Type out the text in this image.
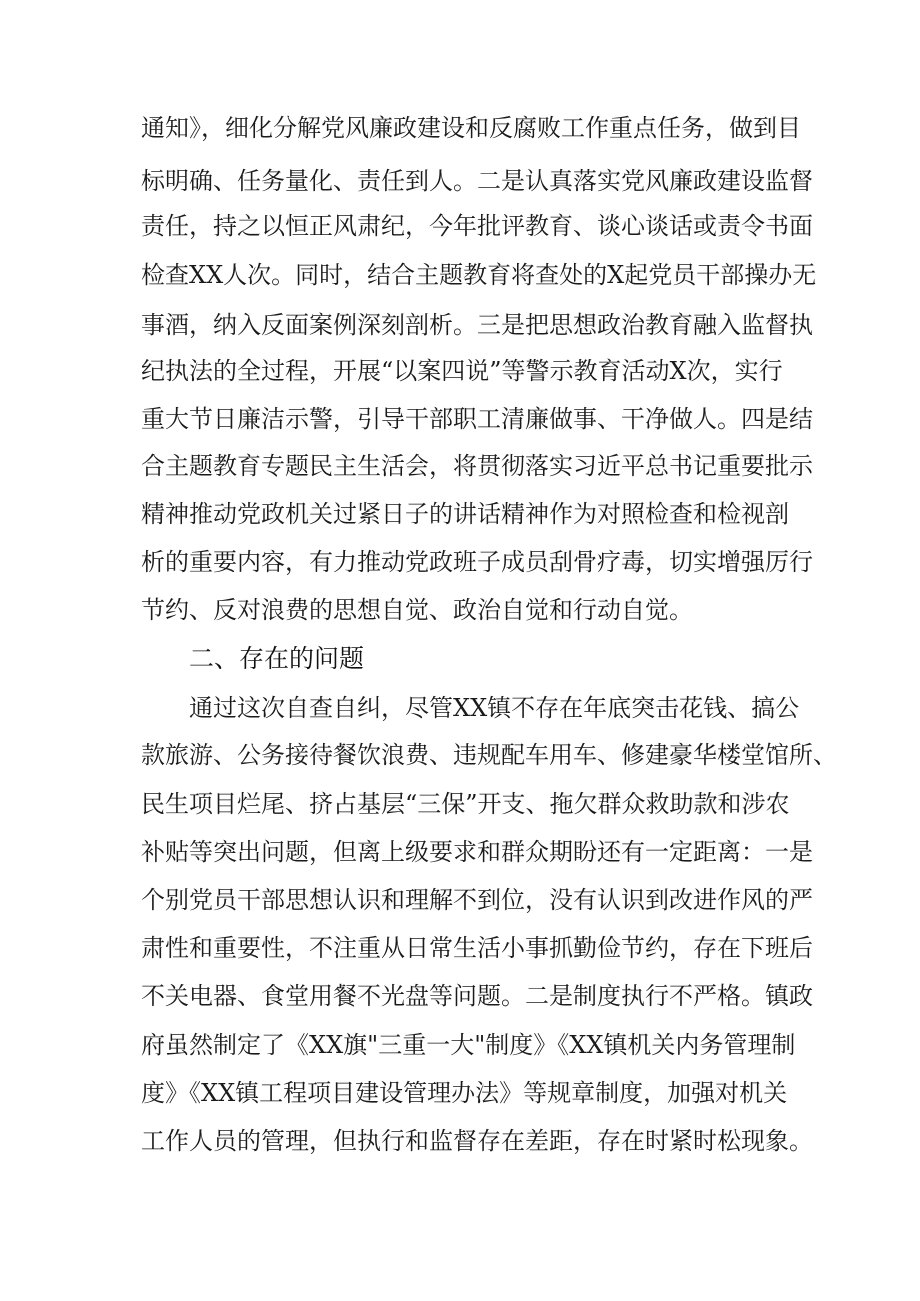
通知》，细化分解党风廉政建设和反腐败工作重点任务，做到目
标明确、任务量化、责任到人。二是认真落实党风廉政建设监督
责任，持之以恒正风肃纪，今年批评教育、谈心谈话或责令书面
检查XX人次。同时，结合主题教育将查处的X起党员干部操办无
事酒，纳入反面案例深刻剖析。三是把思想政治教育融入监督执
纪执法的全过程，开展“以案四说”等警示教育活动X次，实行
重大节日廉洁示警，引导干部职工清廉做事、干净做人。四是结
合主题教育专题民主生活会，将贯彻落实习近平总书记重要批示
精神推动党政机关过紧日子的讲话精神作为对照检查和检视剖
析的重要内容，有力推动党政班子成员刮骨疗毒，切实增强厉行
节约、反对浪费的思想自觉、政治自觉和行动自觉。
二、存在的问题
通过这次自查自纠，尽管XX镇不存在年底突击花钱、搞公
款旅游、公务接待餐饮浪费、违规配车用车、修建豪华楼堂馆所、
民生项目烂尾、挤占基层“三保”开支、拖欠群众救助款和涉农
补贴等突出问题，但离上级要求和群众期盼还有一定距离：一是
个别党员干部思想认识和理解不到位，没有认识到改进作风的严
肃性和重要性，不注重从日常生活小事抓勤俭节约，存在下班后
不关电器、食堂用餐不光盘等问题。二是制度执行不严格。镇政
府虽然制定了《XX旗"三重一大"制度》《XX镇机关内务管理制
度》《XX镇工程项目建设管理办法》等规章制度，加强对机关
工作人员的管理，但执行和监督存在差距，存在时紧时松现象。
